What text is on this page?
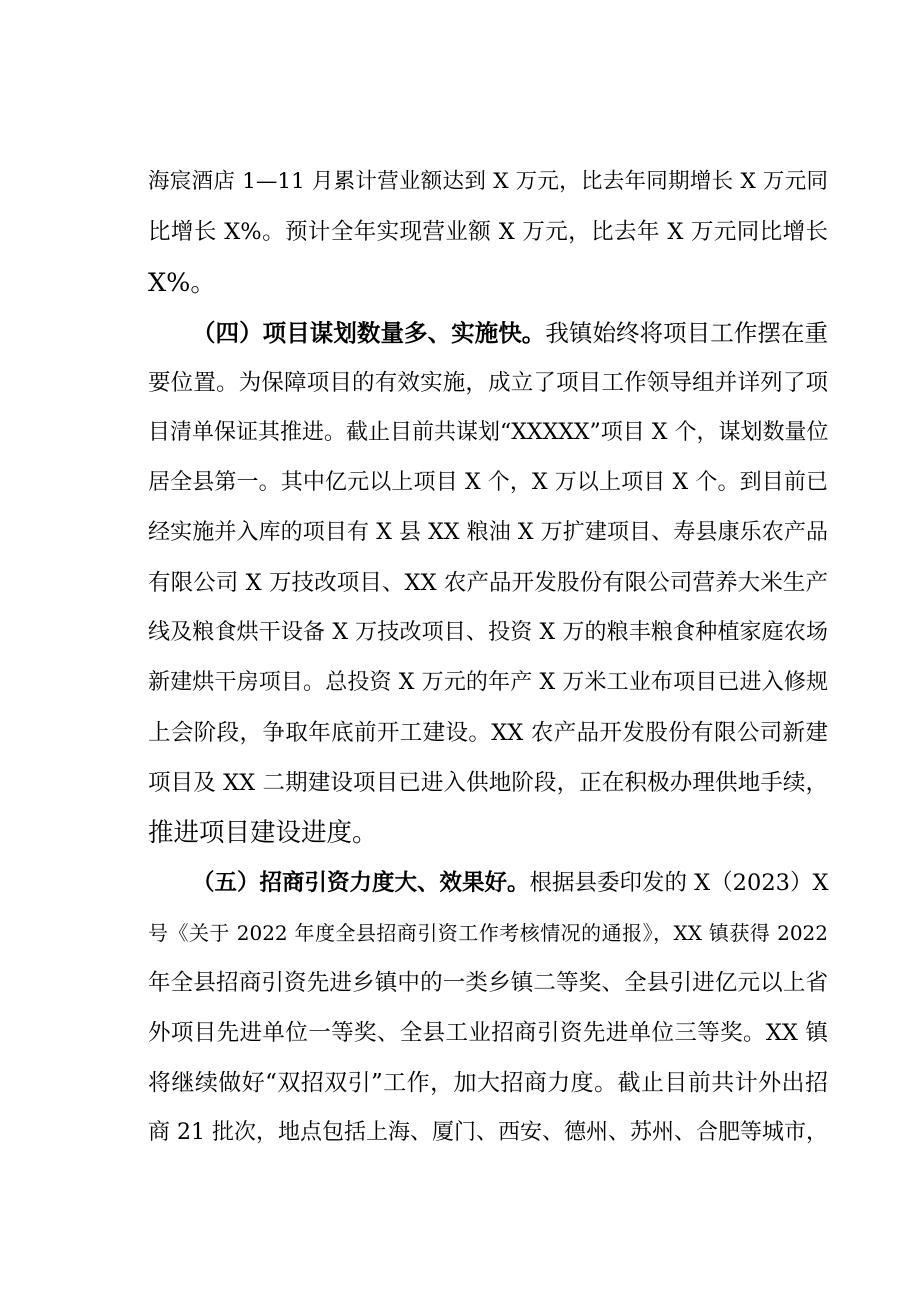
海宸酒店 1—11 月累计营业额达到 X 万元，比去年同期增长 X 万元同
比增长 X%。预计全年实现营业额 X 万元，比去年 X 万元同比增长
X%。
（四）项目谋划数量多、实施快。我镇始终将项目工作摆在重
要位置。为保障项目的有效实施，成立了项目工作领导组并详列了项
目清单保证其推进。截止目前共谋划“XXXXX”项目 X 个，谋划数量位
居全县第一。其中亿元以上项目 X 个，X 万以上项目 X 个。到目前已
经实施并入库的项目有 X 县 XX 粮油 X 万扩建项目、寿县康乐农产品
有限公司 X 万技改项目、XX 农产品开发股份有限公司营养大米生产
线及粮食烘干设备 X 万技改项目、投资 X 万的粮丰粮食种植家庭农场
新建烘干房项目。总投资 X 万元的年产 X 万米工业布项目已进入修规
上会阶段，争取年底前开工建设。XX 农产品开发股份有限公司新建
项目及 XX 二期建设项目已进入供地阶段，正在积极办理供地手续，
推进项目建设进度。
（五）招商引资力度大、效果好。根据县委印发的 X（2023）X
号《关于 2022 年度全县招商引资工作考核情况的通报》，XX 镇获得 2022
年全县招商引资先进乡镇中的一类乡镇二等奖、全县引进亿元以上省
外项目先进单位一等奖、全县工业招商引资先进单位三等奖。XX 镇
将继续做好“双招双引”工作，加大招商力度。截止目前共计外出招
商 21 批次，地点包括上海、厦门、西安、德州、苏州、合肥等城市，
